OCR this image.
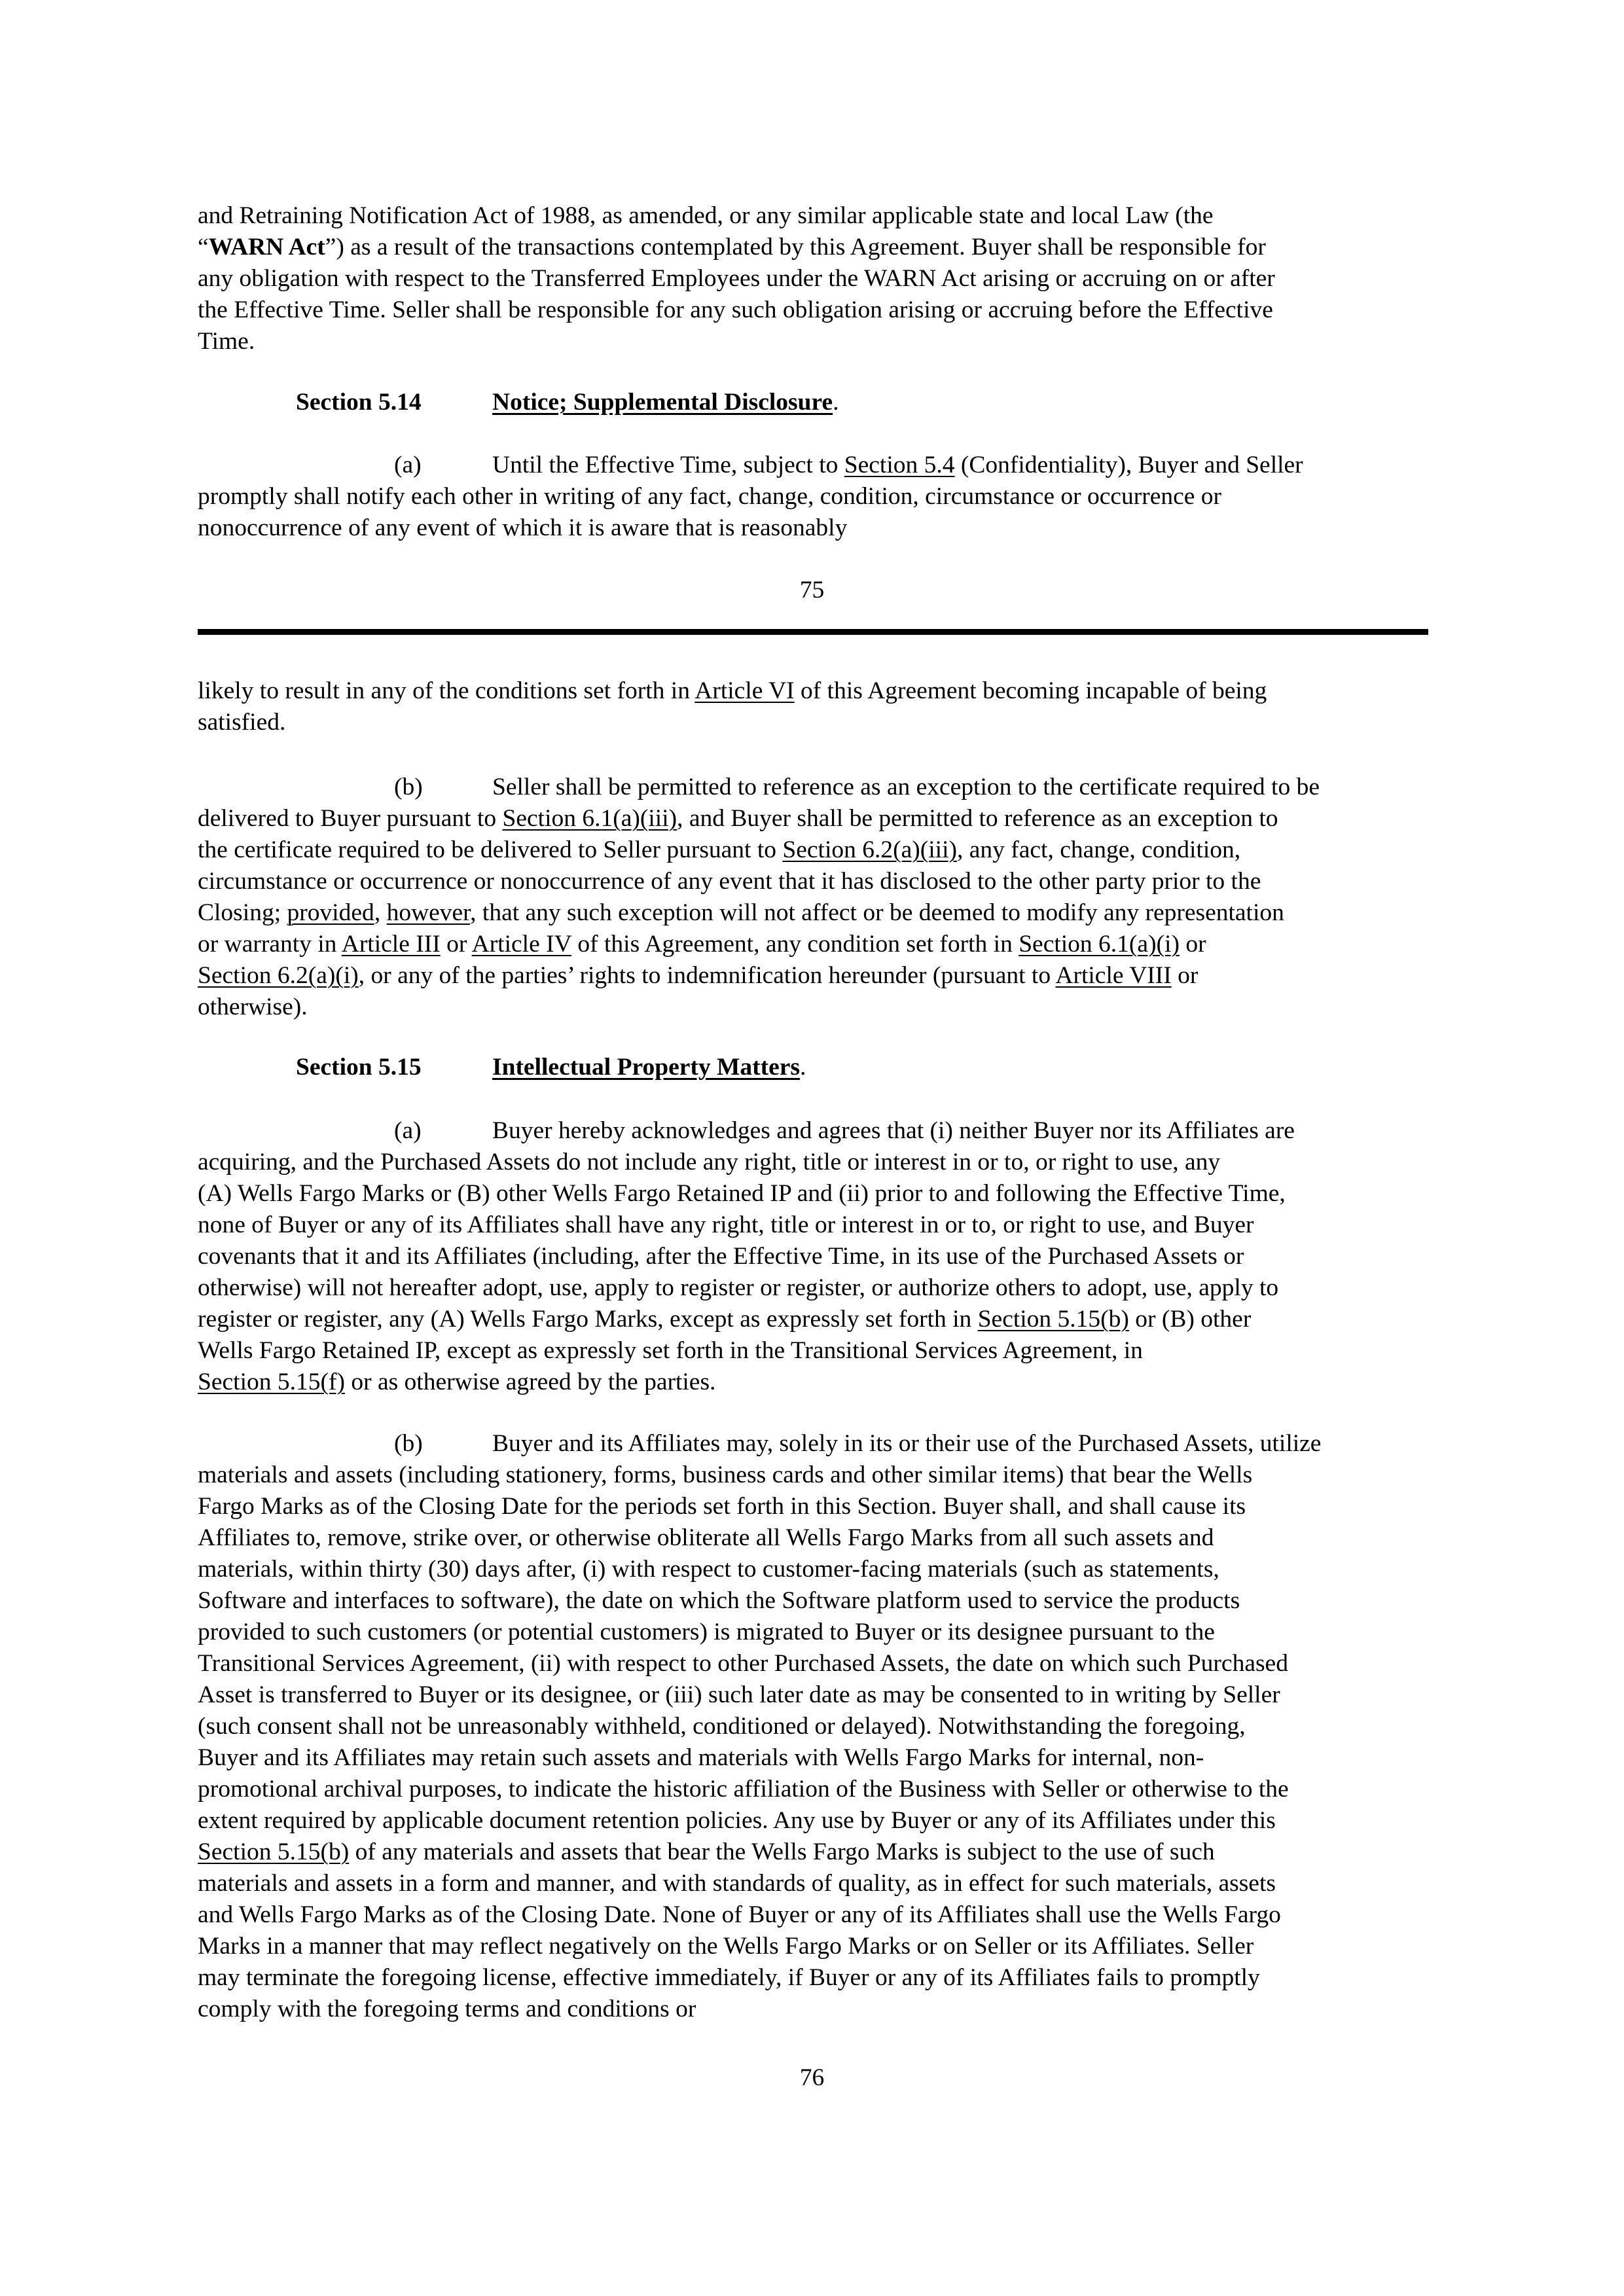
and Retraining Notification Act of 1988, as amended, or any similar applicable state and local Law (the
“WARN Act”) as a result of the transactions contemplated by this Agreement. Buyer shall be responsible for
any obligation with respect to the Transferred Employees under the WARN Act arising or accruing on or after
the Effective Time. Seller shall be responsible for any such obligation arising or accruing before the Effective
Time.
Section 5.14	Notice; Supplemental Disclosure.
(a)	Until the Effective Time, subject to Section 5.4 (Confidentiality), Buyer and Seller
promptly shall notify each other in writing of any fact, change, condition, circumstance or occurrence or
nonoccurrence of any event of which it is aware that is reasonably
75
likely to result in any of the conditions set forth in Article VI of this Agreement becoming incapable of being
satisfied.
(b)	Seller shall be permitted to reference as an exception to the certificate required to be
delivered to Buyer pursuant to Section 6.1(a)(iii), and Buyer shall be permitted to reference as an exception to
the certificate required to be delivered to Seller pursuant to Section 6.2(a)(iii), any fact, change, condition,
circumstance or occurrence or nonoccurrence of any event that it has disclosed to the other party prior to the
Closing; provided, however, that any such exception will not affect or be deemed to modify any representation
or warranty in Article III or Article IV of this Agreement, any condition set forth in Section 6.1(a)(i) or
Section 6.2(a)(i), or any of the parties’ rights to indemnification hereunder (pursuant to Article VIII or
otherwise).
Section 5.15	Intellectual Property Matters.
(a)	Buyer hereby acknowledges and agrees that (i) neither Buyer nor its Affiliates are
acquiring, and the Purchased Assets do not include any right, title or interest in or to, or right to use, any
(A) Wells Fargo Marks or (B) other Wells Fargo Retained IP and (ii) prior to and following the Effective Time,
none of Buyer or any of its Affiliates shall have any right, title or interest in or to, or right to use, and Buyer
covenants that it and its Affiliates (including, after the Effective Time, in its use of the Purchased Assets or
otherwise) will not hereafter adopt, use, apply to register or register, or authorize others to adopt, use, apply to
register or register, any (A) Wells Fargo Marks, except as expressly set forth in Section 5.15(b) or (B) other
Wells Fargo Retained IP, except as expressly set forth in the Transitional Services Agreement, in
Section 5.15(f) or as otherwise agreed by the parties.
(b)	Buyer and its Affiliates may, solely in its or their use of the Purchased Assets, utilize
materials and assets (including stationery, forms, business cards and other similar items) that bear the Wells
Fargo Marks as of the Closing Date for the periods set forth in this Section. Buyer shall, and shall cause its
Affiliates to, remove, strike over, or otherwise obliterate all Wells Fargo Marks from all such assets and
materials, within thirty (30) days after, (i) with respect to customer-facing materials (such as statements,
Software and interfaces to software), the date on which the Software platform used to service the products
provided to such customers (or potential customers) is migrated to Buyer or its designee pursuant to the
Transitional Services Agreement, (ii) with respect to other Purchased Assets, the date on which such Purchased
Asset is transferred to Buyer or its designee, or (iii) such later date as may be consented to in writing by Seller
(such consent shall not be unreasonably withheld, conditioned or delayed). Notwithstanding the foregoing,
Buyer and its Affiliates may retain such assets and materials with Wells Fargo Marks for internal, non-
promotional archival purposes, to indicate the historic affiliation of the Business with Seller or otherwise to the
extent required by applicable document retention policies. Any use by Buyer or any of its Affiliates under this
Section 5.15(b) of any materials and assets that bear the Wells Fargo Marks is subject to the use of such
materials and assets in a form and manner, and with standards of quality, as in effect for such materials, assets
and Wells Fargo Marks as of the Closing Date. None of Buyer or any of its Affiliates shall use the Wells Fargo
Marks in a manner that may reflect negatively on the Wells Fargo Marks or on Seller or its Affiliates. Seller
may terminate the foregoing license, effective immediately, if Buyer or any of its Affiliates fails to promptly
comply with the foregoing terms and conditions or
76
